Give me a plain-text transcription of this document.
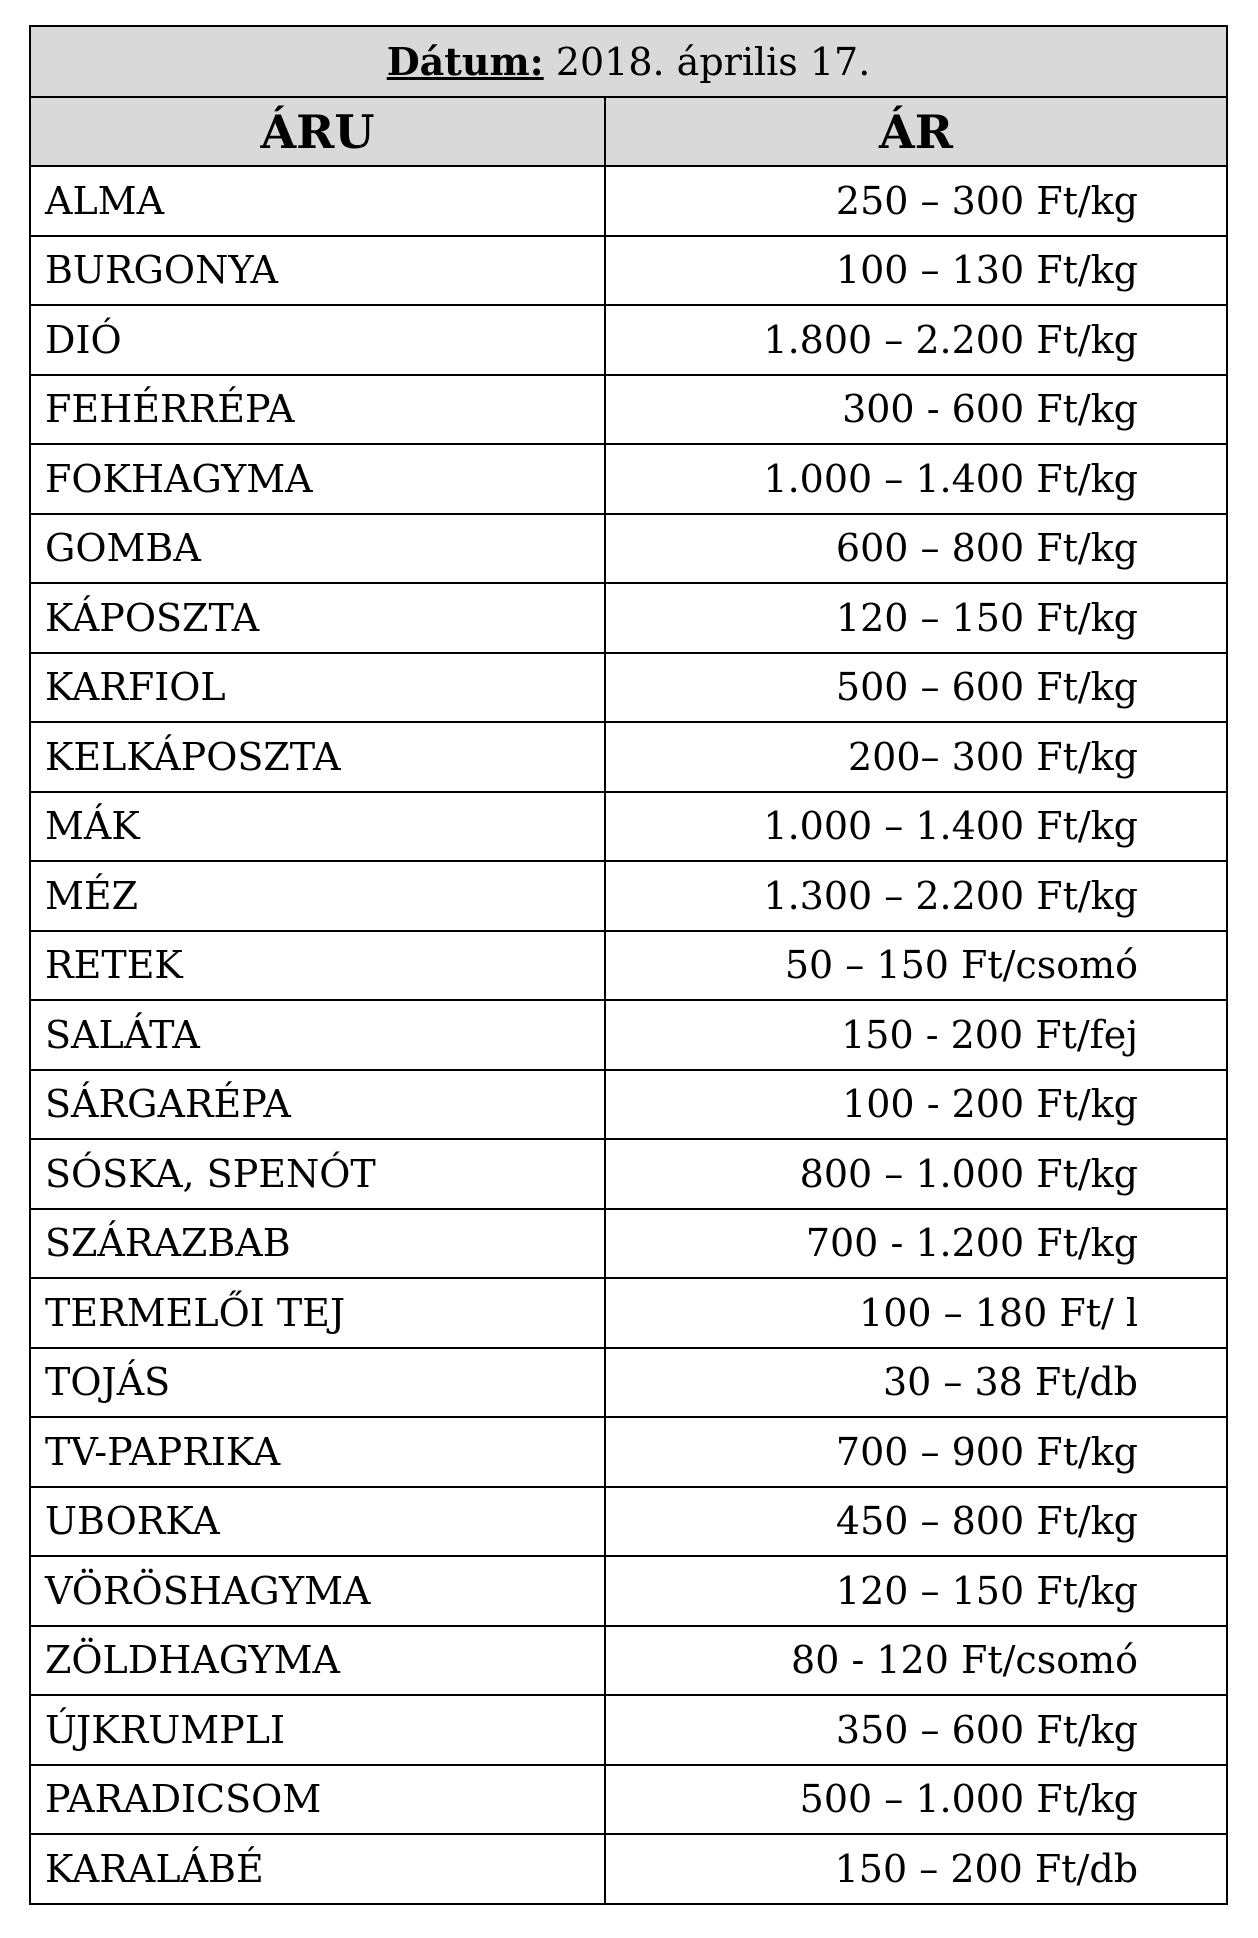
Dátum: 2018. április 17.	
ÁRU	ÁR
ALMA	250 – 300 Ft/kg
BURGONYA	100 – 130 Ft/kg
DIÓ	1.800 – 2.200 Ft/kg
FEHÉRRÉPA	300 - 600 Ft/kg
FOKHAGYMA	1.000 – 1.400 Ft/kg
GOMBA	600 – 800 Ft/kg
KÁPOSZTA	120 – 150 Ft/kg
KARFIOL	500 – 600 Ft/kg
KELKÁPOSZTA	200– 300 Ft/kg
MÁK	1.000 – 1.400 Ft/kg
MÉZ	1.300 – 2.200 Ft/kg
RETEK	50 – 150 Ft/csomó
SALÁTA	150 - 200 Ft/fej
SÁRGARÉPA	100 - 200 Ft/kg
SÓSKA, SPENÓT	800 – 1.000 Ft/kg
SZÁRAZBAB	700 - 1.200 Ft/kg
TERMELŐI TEJ	100 – 180 Ft/ l
TOJÁS	30 – 38 Ft/db
TV-PAPRIKA	700 – 900 Ft/kg
UBORKA	450 – 800 Ft/kg
VÖRÖSHAGYMA	120 – 150 Ft/kg
ZÖLDHAGYMA	80 - 120 Ft/csomó
ÚJKRUMPLI	350 – 600 Ft/kg
PARADICSOM	500 – 1.000 Ft/kg
KARALÁBÉ	150 – 200 Ft/db
